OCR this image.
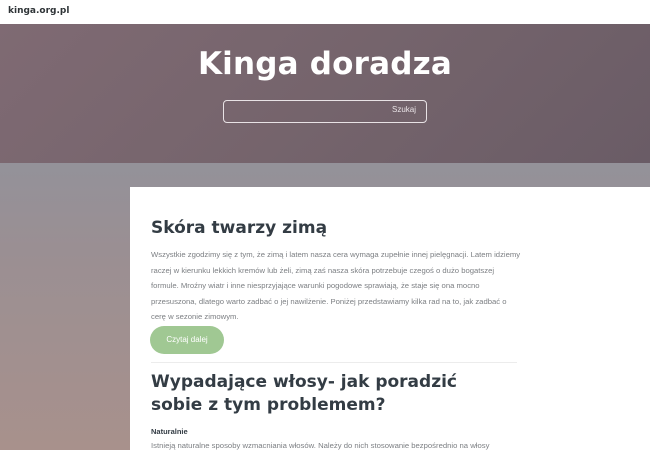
kinga.org.pl
Kinga doradza
Szukaj
Skóra twarzy zimą
Wszystkie zgodzimy się z tym, że zimą i latem nasza cera wymaga zupełnie innej pielęgnacji. Latem idziemy raczej w kierunku lekkich kremów lub żeli, zimą zaś nasza skóra potrzebuje czegoś o dużo bogatszej formule. Mroźny wiatr i inne niesprzyjające warunki pogodowe sprawiają, że staje się ona mocno przesuszona, dlatego warto zadbać o jej nawilżenie. Poniżej przedstawiamy kilka rad na to, jak zadbać o cerę w sezonie zimowym.
Czytaj dalej
Wypadające włosy- jak poradzić sobie z tym problemem?
Naturalnie
Istnieją naturalne sposoby wzmacniania włosów. Należy do nich stosowanie bezpośrednio na włosy
